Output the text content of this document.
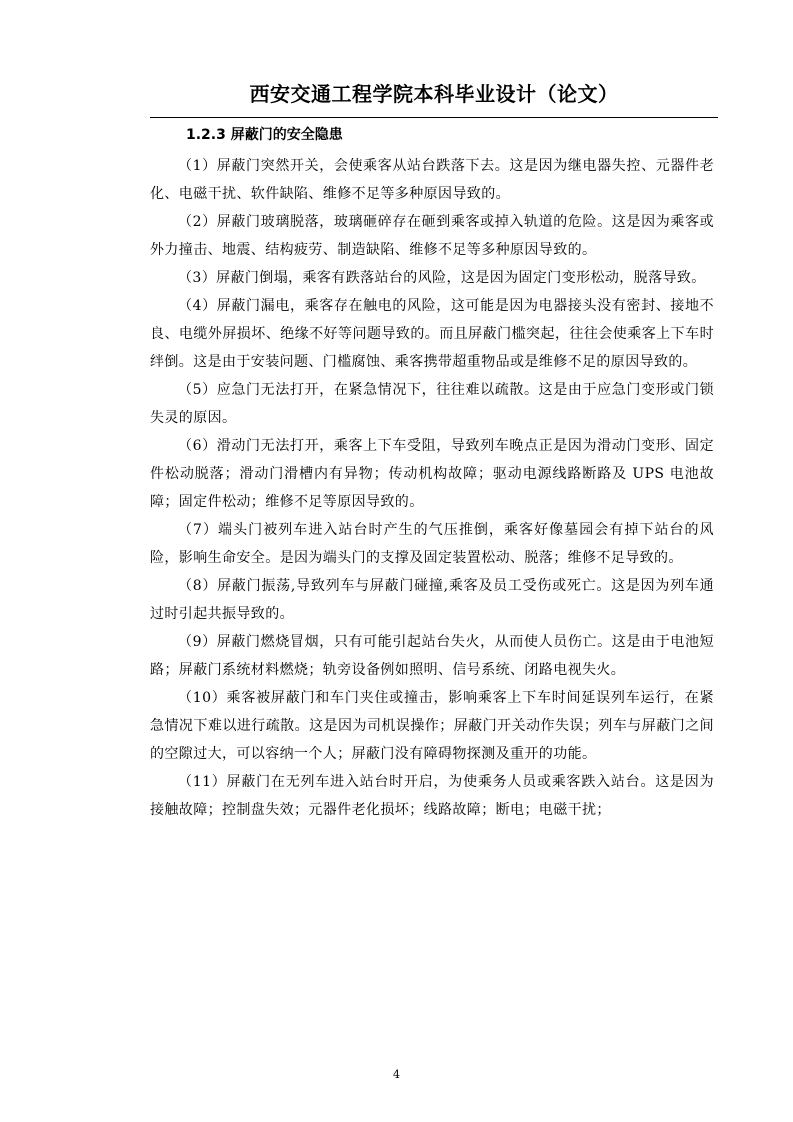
西安交通工程学院本科毕业设计（论文）
1.2.3 屏蔽门的安全隐患

（1）屏蔽门突然开关，会使乘客从站台跌落下去。这是因为继电器失控、元器件老化、电磁干扰、软件缺陷、维修不足等多种原因导致的。

（2）屏蔽门玻璃脱落，玻璃砸碎存在砸到乘客或掉入轨道的危险。这是因为乘客或外力撞击、地震、结构疲劳、制造缺陷、维修不足等多种原因导致的。

（3）屏蔽门倒塌，乘客有跌落站台的风险，这是因为固定门变形松动，脱落导致。

（4）屏蔽门漏电，乘客存在触电的风险，这可能是因为电器接头没有密封、接地不良、电缆外屏损坏、绝缘不好等问题导致的。而且屏蔽门槛突起，往往会使乘客上下车时绊倒。这是由于安装问题、门槛腐蚀、乘客携带超重物品或是维修不足的原因导致的。

（5）应急门无法打开，在紧急情况下，往往难以疏散。这是由于应急门变形或门锁失灵的原因。

（6）滑动门无法打开，乘客上下车受阻，导致列车晚点正是因为滑动门变形、固定件松动脱落；滑动门滑槽内有异物；传动机构故障；驱动电源线路断路及 UPS 电池故障；固定件松动；维修不足等原因导致的。

（7）端头门被列车进入站台时产生的气压推倒，乘客好像墓园会有掉下站台的风险，影响生命安全。是因为端头门的支撑及固定装置松动、脱落；维修不足导致的。

（8）屏蔽门振荡,导致列车与屏蔽门碰撞,乘客及员工受伤或死亡。这是因为列车通过时引起共振导致的。

（9）屏蔽门燃烧冒烟，只有可能引起站台失火，从而使人员伤亡。这是由于电池短路；屏蔽门系统材料燃烧；轨旁设备例如照明、信号系统、闭路电视失火。

（10）乘客被屏蔽门和车门夹住或撞击，影响乘客上下车时间延误列车运行，在紧急情况下难以进行疏散。这是因为司机误操作；屏蔽门开关动作失误；列车与屏蔽门之间的空隙过大，可以容纳一个人；屏蔽门没有障碍物探测及重开的功能。

（11）屏蔽门在无列车进入站台时开启，为使乘务人员或乘客跌入站台。这是因为接触故障；控制盘失效；元器件老化损坏；线路故障；断电；电磁干扰；

4
